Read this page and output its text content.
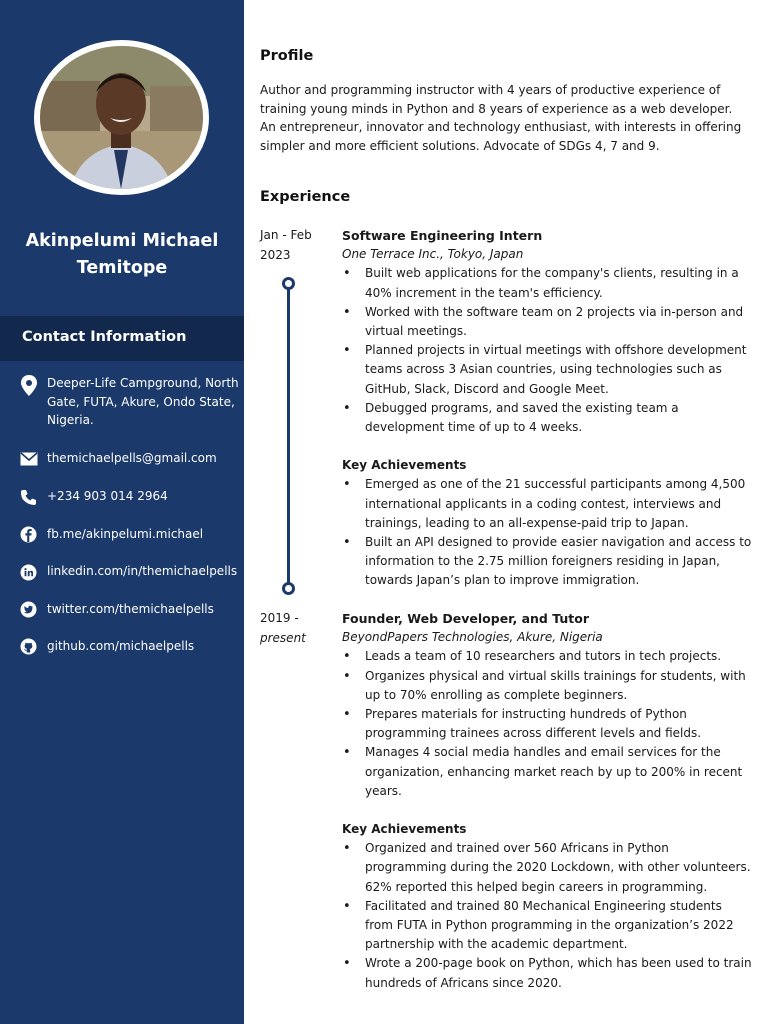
Akinpelumi Michael
Temitope
Contact Information
Deeper-Life Campground, North Gate, FUTA, Akure, Ondo State, Nigeria.
themichaelpells@gmail.com
+234 903 014 2964
fb.me/akinpelumi.michael
linkedin.com/in/themichaelpells
twitter.com/themichaelpells
github.com/michaelpells
Profile

Author and programming instructor with 4 years of productive experience of training young minds in Python and 8 years of experience as a web developer. An entrepreneur, innovator and technology enthusiast, with interests in offering simpler and more efficient solutions. Advocate of SDGs 4, 7 and 9.

Experience
Jan - Feb
2023
Software Engineering Intern
One Terrace Inc., Tokyo, Japan
• Built web applications for the company's clients, resulting in a 40% increment in the team's efficiency.
• Worked with the software team on 2 projects via in-person and virtual meetings.
• Planned projects in virtual meetings with offshore development teams across 3 Asian countries, using technologies such as GitHub, Slack, Discord and Google Meet.
• Debugged programs, and saved the existing team a development time of up to 4 weeks.
Key Achievements
• Emerged as one of the 21 successful participants among 4,500 international applicants in a coding contest, interviews and trainings, leading to an all-expense-paid trip to Japan.
• Built an API designed to provide easier navigation and access to information to the 2.75 million foreigners residing in Japan, towards Japan’s plan to improve immigration.
2019 -
present
Founder, Web Developer, and Tutor
BeyondPapers Technologies, Akure, Nigeria
• Leads a team of 10 researchers and tutors in tech projects.
• Organizes physical and virtual skills trainings for students, with up to 70% enrolling as complete beginners.
• Prepares materials for instructing hundreds of Python programming trainees across different levels and fields.
• Manages 4 social media handles and email services for the organization, enhancing market reach by up to 200% in recent years.
Key Achievements
• Organized and trained over 560 Africans in Python programming during the 2020 Lockdown, with other volunteers. 62% reported this helped begin careers in programming.
• Facilitated and trained 80 Mechanical Engineering students from FUTA in Python programming in the organization’s 2022 partnership with the academic department.
• Wrote a 200-page book on Python, which has been used to train hundreds of Africans since 2020.
